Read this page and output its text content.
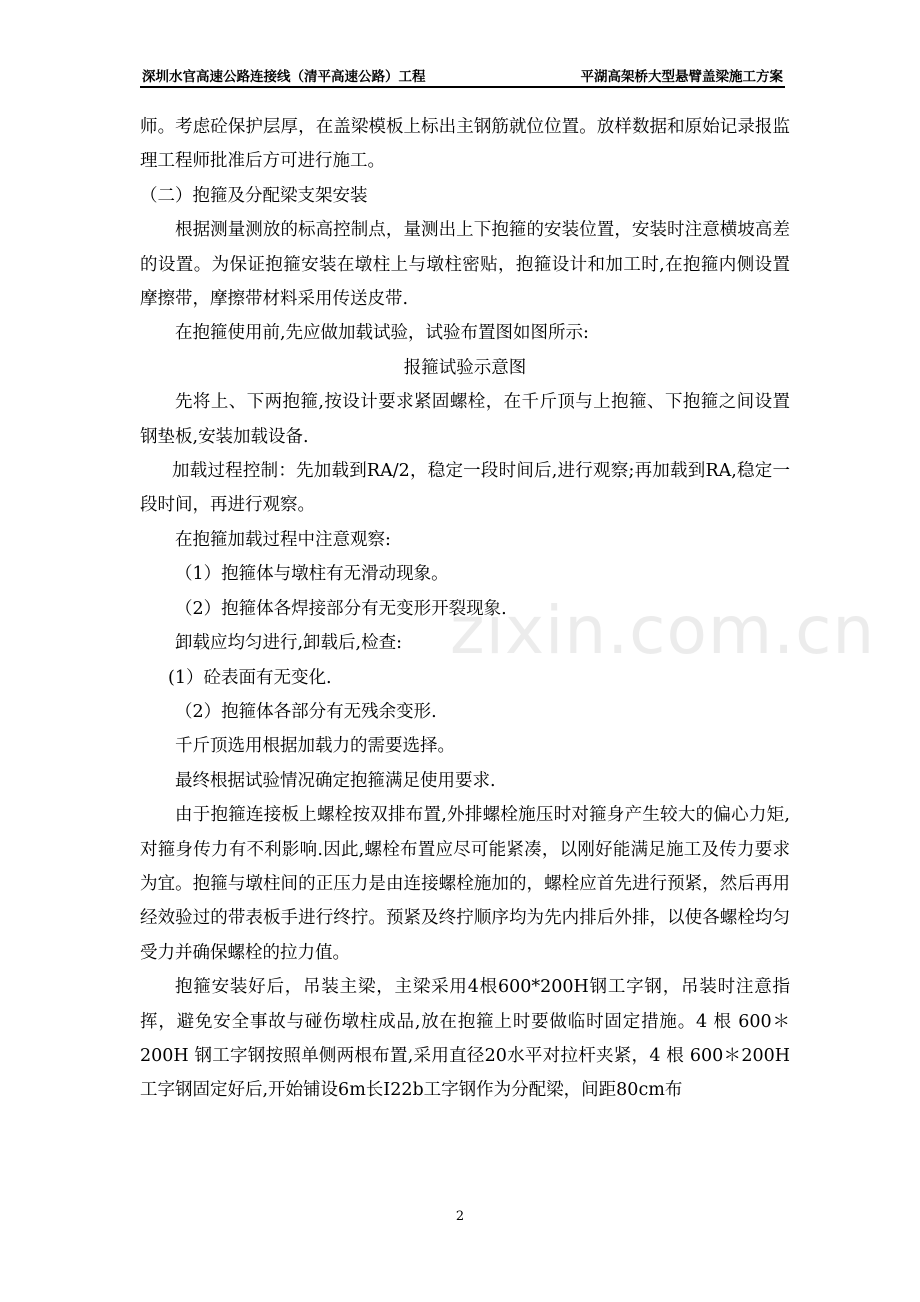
深圳水官高速公路连接线（清平高速公路）工程	平湖高架桥大型悬臂盖梁施工方案

师。考虑砼保护层厚，在盖梁模板上标出主钢筋就位位置。放样数据和原始记录报监理工程师批准后方可进行施工。

（二）抱箍及分配梁支架安装

根据测量测放的标高控制点，量测出上下抱箍的安装位置，安装时注意横坡高差的设置。为保证抱箍安装在墩柱上与墩柱密贴，抱箍设计和加工时,在抱箍内侧设置摩擦带，摩擦带材料采用传送皮带.

在抱箍使用前,先应做加载试验，试验布置图如图所示:

报箍试验示意图

先将上、下两抱箍,按设计要求紧固螺栓，在千斤顶与上抱箍、下抱箍之间设置钢垫板,安装加载设备.

加载过程控制：先加载到RA/2，稳定一段时间后,进行观察;再加载到RA,稳定一段时间，再进行观察。

在抱箍加载过程中注意观察:

（1）抱箍体与墩柱有无滑动现象。

（2）抱箍体各焊接部分有无变形开裂现象.

卸载应均匀进行,卸载后,检查:

(1）砼表面有无变化.

（2）抱箍体各部分有无残余变形.

千斤顶选用根据加载力的需要选择。

最终根据试验情况确定抱箍满足使用要求.

由于抱箍连接板上螺栓按双排布置,外排螺栓施压时对箍身产生较大的偏心力矩,对箍身传力有不利影响.因此,螺栓布置应尽可能紧凑，以刚好能满足施工及传力要求为宜。抱箍与墩柱间的正压力是由连接螺栓施加的，螺栓应首先进行预紧，然后再用经效验过的带表板手进行终拧。预紧及终拧顺序均为先内排后外排，以使各螺栓均匀受力并确保螺栓的拉力值。

抱箍安装好后，吊装主梁，主梁采用4根600*200H钢工字钢，吊装时注意指挥，避免安全事故与碰伤墩柱成品,放在抱箍上时要做临时固定措施。4 根 600＊200H 钢工字钢按照单侧两根布置,采用直径20水平对拉杆夹紧，4 根 600＊200H工字钢固定好后,开始铺设6m长I22b工字钢作为分配梁，间距80cm布

zixin.com.cn
2
